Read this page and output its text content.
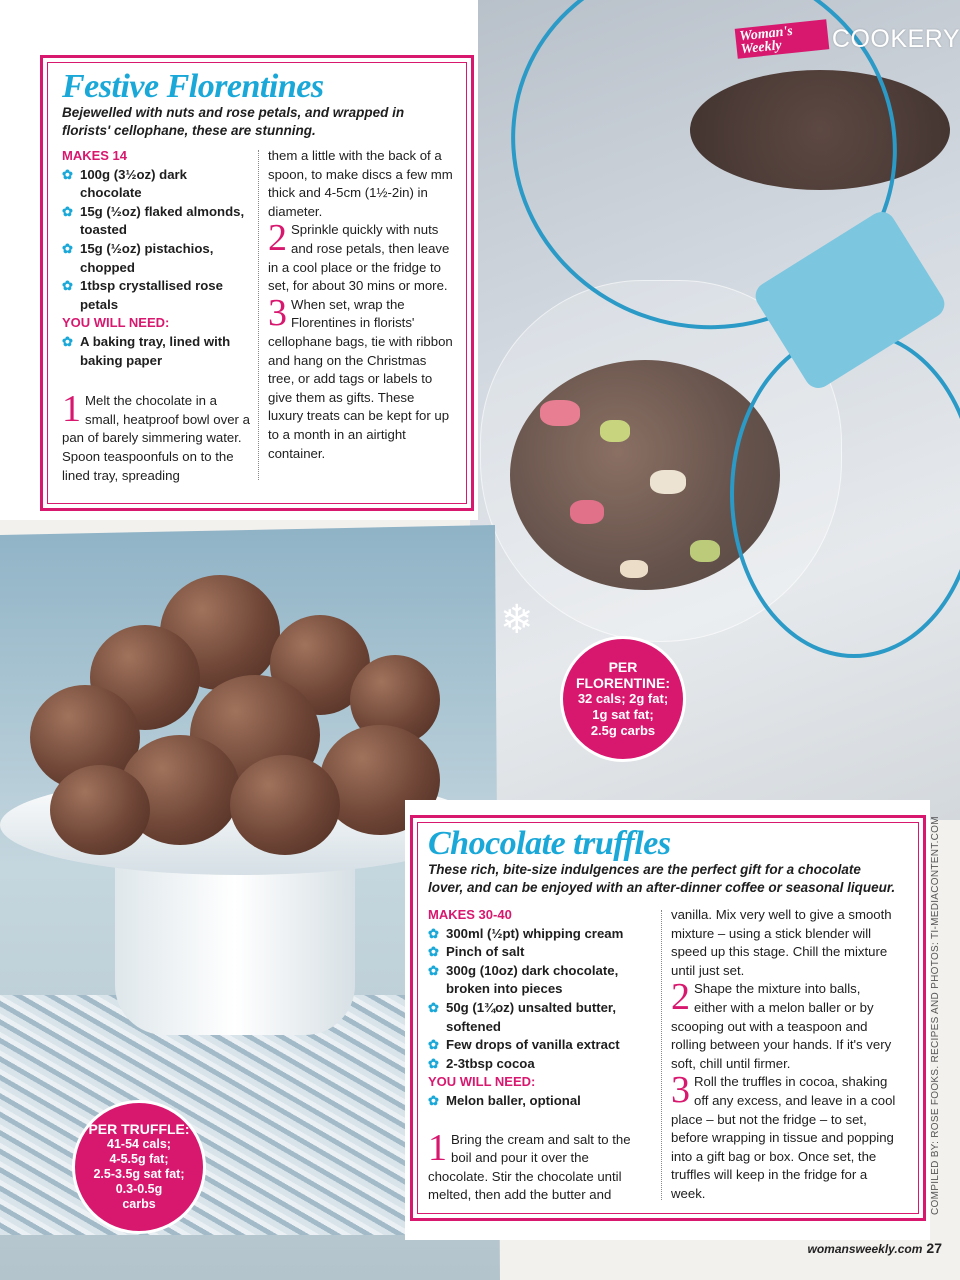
❄
Woman's Weekly	COOKERY
Festive Florentines

Bejewelled with nuts and rose petals, and wrapped in florists' cellophane, these are stunning.

MAKES 14

✿ 100g (3½oz) dark chocolate
✿ 15g (½oz) flaked almonds, toasted
✿ 15g (½oz) pistachios, chopped
✿ 1tbsp crystallised rose petals

YOU WILL NEED:

✿ A baking tray, lined with baking paper

1 Melt the chocolate in a small, heatproof bowl over a pan of barely simmering water. Spoon teaspoonfuls on to the lined tray, spreading

them a little with the back of a spoon, to make discs a few mm thick and 4-5cm (1½-2in) in diameter.

2 Sprinkle quickly with nuts and rose petals, then leave in a cool place or the fridge to set, for about 30 mins or more.

3 When set, wrap the Florentines in florists' cellophane bags, tie with ribbon and hang on the Christmas tree, or add tags or labels to give them as gifts. These luxury treats can be kept for up to a month in an airtight container.

PER FLORENTINE:
32 cals; 2g fat;
1g sat fat;
2.5g carbs
Chocolate truffles

These rich, bite-size indulgences are the perfect gift for a chocolate lover, and can be enjoyed with an after-dinner coffee or seasonal liqueur.

MAKES 30-40

✿ 300ml (½pt) whipping cream
✿ Pinch of salt
✿ 300g (10oz) dark chocolate, broken into pieces
✿ 50g (1¾oz) unsalted butter, softened
✿ Few drops of vanilla extract
✿ 2-3tbsp cocoa

YOU WILL NEED:

✿ Melon baller, optional

1 Bring the cream and salt to the boil and pour it over the chocolate. Stir the chocolate until melted, then add the butter and

vanilla. Mix very well to give a smooth mixture – using a stick blender will speed up this stage. Chill the mixture until just set.

2 Shape the mixture into balls, either with a melon baller or by scooping out with a teaspoon and rolling between your hands. If it's very soft, chill until firmer.

3 Roll the truffles in cocoa, shaking off any excess, and leave in a cool place – but not the fridge – to set, before wrapping in tissue and popping into a gift bag or box. Once set, the truffles will keep in the fridge for a week.

PER TRUFFLE:
41-54 cals;
4-5.5g fat;
2.5-3.5g sat fat;
0.3-0.5g
carbs	COMPILED BY: ROSE FOOKS. RECIPES AND PHOTOS: TI-MEDIACONTENT.COM
womansweekly.com 27
